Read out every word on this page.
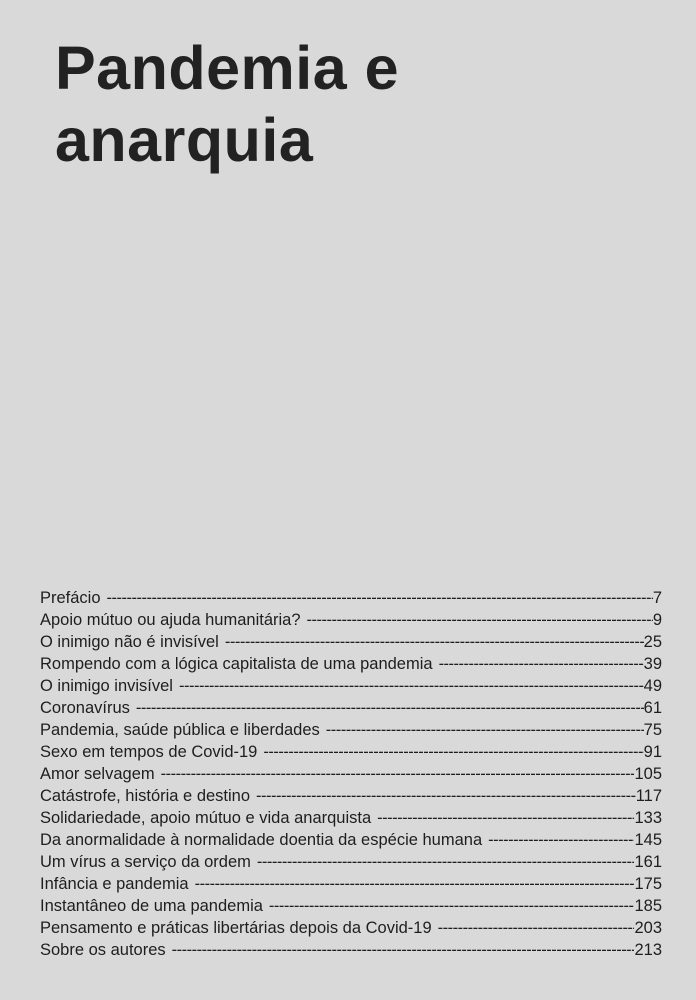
Pandemia e
anarquia
Prefácio -----	7
Apoio mútuo ou ajuda humanitária? -----	9
O inimigo não é invisível -----	25
Rompendo com a lógica capitalista de uma pandemia -----	39
O inimigo invisível -----	49
Coronavírus -----	61
Pandemia, saúde pública e liberdades -----	75
Sexo em tempos de Covid-19 -----	91
Amor selvagem -----	105
Catástrofe, história e destino -----	117
Solidariedade, apoio mútuo e vida anarquista -----	133
Da anormalidade à normalidade doentia da espécie humana -----	145
Um vírus a serviço da ordem -----	161
Infância e pandemia -----	175
Instantâneo de uma pandemia -----	185
Pensamento e práticas libertárias depois da Covid-19 -----	203
Sobre os autores -----	213
